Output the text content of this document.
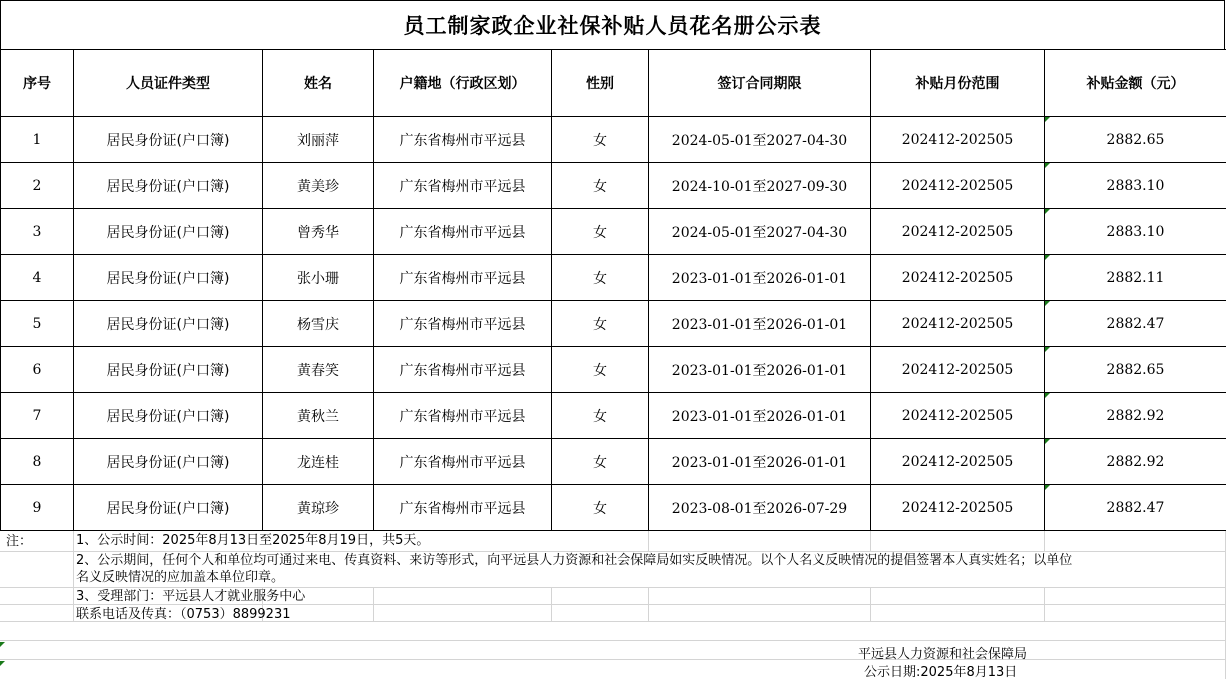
员工制家政企业社保补贴人员花名册公示表
序号	人员证件类型	姓名	户籍地（行政区划）	性别	签订合同期限	补贴月份范围	补贴金额（元）
1	居民身份证(户口簿)	刘丽萍	广东省梅州市平远县	女	2024-05-01至2027-04-30	202412-202505	2882.65
2	居民身份证(户口簿)	黄美珍	广东省梅州市平远县	女	2024-10-01至2027-09-30	202412-202505	2883.10
3	居民身份证(户口簿)	曾秀华	广东省梅州市平远县	女	2024-05-01至2027-04-30	202412-202505	2883.10
4	居民身份证(户口簿)	张小珊	广东省梅州市平远县	女	2023-01-01至2026-01-01	202412-202505	2882.11
5	居民身份证(户口簿)	杨雪庆	广东省梅州市平远县	女	2023-01-01至2026-01-01	202412-202505	2882.47
6	居民身份证(户口簿)	黄春笑	广东省梅州市平远县	女	2023-01-01至2026-01-01	202412-202505	2882.65
7	居民身份证(户口簿)	黄秋兰	广东省梅州市平远县	女	2023-01-01至2026-01-01	202412-202505	2882.92
8	居民身份证(户口簿)	龙连桂	广东省梅州市平远县	女	2023-01-01至2026-01-01	202412-202505	2882.92
9	居民身份证(户口簿)	黄琼珍	广东省梅州市平远县	女	2023-08-01至2026-07-29	202412-202505	2882.47
注：	1、公示时间：2025年8月13日至2025年8月19日，共5天。
2、公示期间，任何个人和单位均可通过来电、传真资料、来访等形式，向平远县人力资源和社会保障局如实反映情况。以个人名义反映情况的提倡签署本人真实姓名；以单位
名义反映情况的应加盖本单位印章。
3、受理部门：平远县人才就业服务中心
联系电话及传真：（0753）8899231
平远县人力资源和社会保障局
公示日期:2025年8月13日
